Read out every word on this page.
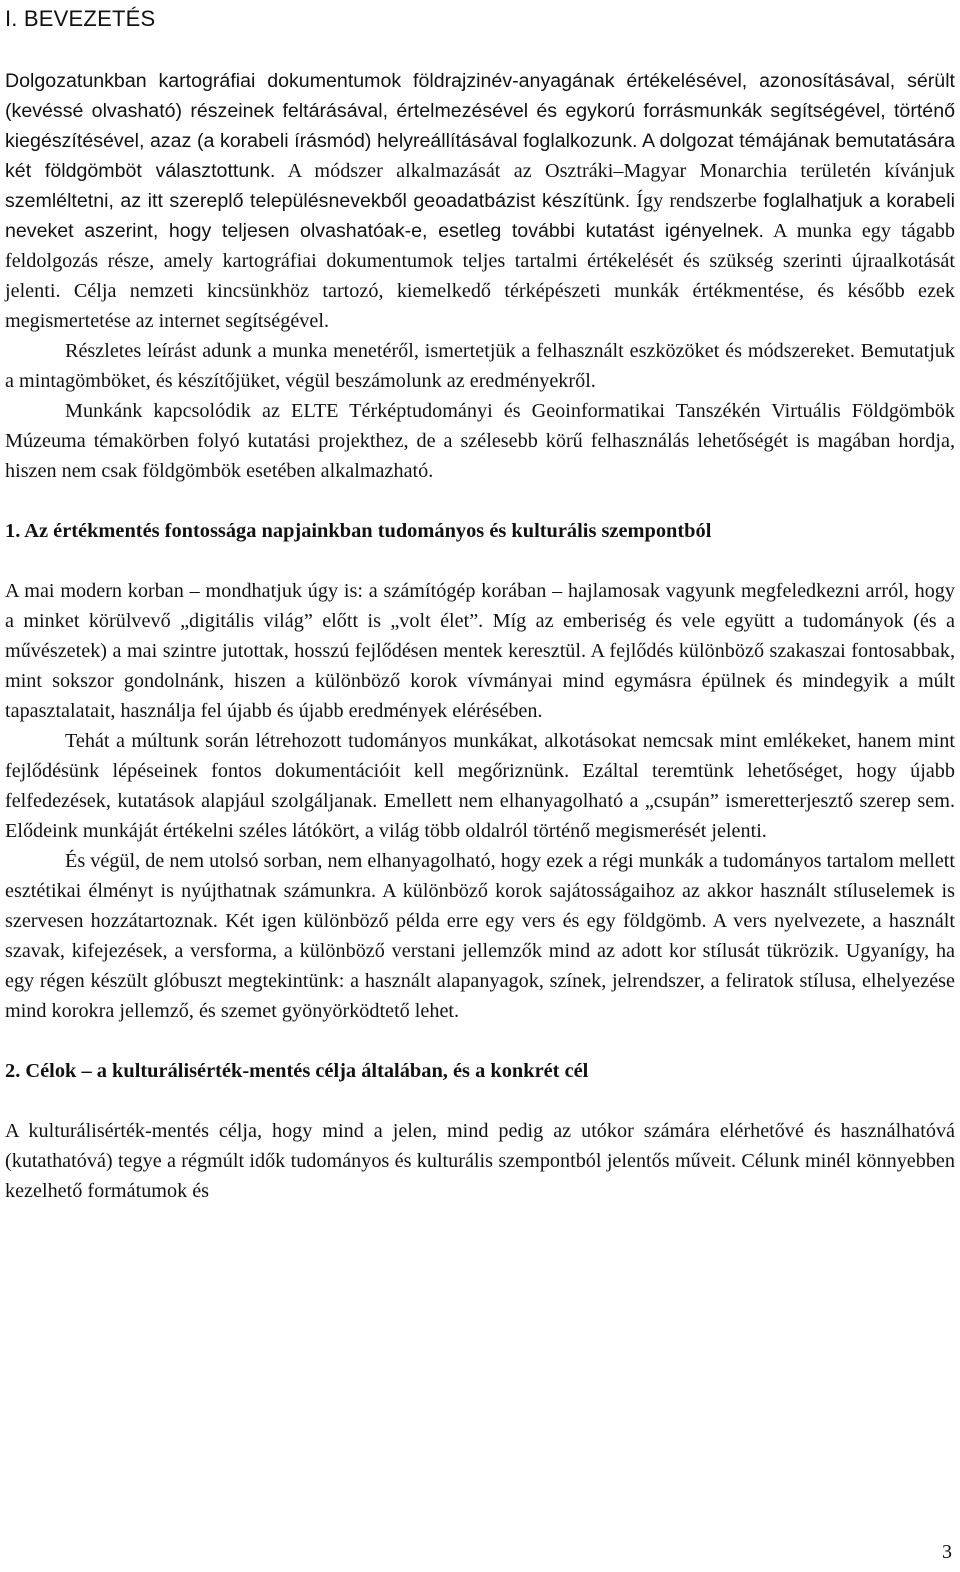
I. BEVEZETÉS

Dolgozatunkban kartográfiai dokumentumok földrajzinév-anyagának értékelésével, azonosításával, sérült (kevéssé olvasható) részeinek feltárásával, értelmezésével és egykorú forrásmunkák segítségével, történő kiegészítésével, azaz (a korabeli írásmód) helyreállításával foglalkozunk. A dolgozat témájának bemutatására két földgömböt választottunk. A módszer alkalmazását az Osztráki–Magyar Monarchia területén kívánjuk szemléltetni, az itt szereplő településnevekből geoadatbázist készítünk. Így rendszerbe foglalhatjuk a korabeli neveket aszerint, hogy teljesen olvashatóak-e, esetleg további kutatást igényelnek. A munka egy tágabb feldolgozás része, amely kartográfiai dokumentumok teljes tartalmi értékelését és szükség szerinti újraalkotását jelenti. Célja nemzeti kincsünkhöz tartozó, kiemelkedő térképészeti munkák értékmentése, és később ezek megismertetése az internet segítségével.

Részletes leírást adunk a munka menetéről, ismertetjük a felhasznált eszközöket és módszereket. Bemutatjuk a mintagömböket, és készítőjüket, végül beszámolunk az eredményekről.

Munkánk kapcsolódik az ELTE Térképtudományi és Geoinformatikai Tanszékén Virtuális Földgömbök Múzeuma témakörben folyó kutatási projekthez, de a szélesebb körű felhasználás lehetőségét is magában hordja, hiszen nem csak földgömbök esetében alkalmazható.

1. Az értékmentés fontossága napjainkban tudományos és kulturális szempontból

A mai modern korban – mondhatjuk úgy is: a számítógép korában – hajlamosak vagyunk megfeledkezni arról, hogy a minket körülvevő „digitális világ” előtt is „volt élet”. Míg az emberiség és vele együtt a tudományok (és a művészetek) a mai szintre jutottak, hosszú fejlődésen mentek keresztül. A fejlődés különböző szakaszai fontosabbak, mint sokszor gondolnánk, hiszen a különböző korok vívmányai mind egymásra épülnek és mindegyik a múlt tapasztalatait, használja fel újabb és újabb eredmények elérésében.

Tehát a múltunk során létrehozott tudományos munkákat, alkotásokat nemcsak mint emlékeket, hanem mint fejlődésünk lépéseinek fontos dokumentációit kell megőriznünk. Ezáltal teremtünk lehetőséget, hogy újabb felfedezések, kutatások alapjául szolgáljanak. Emellett nem elhanyagolható a „csupán” ismeretterjesztő szerep sem. Elődeink munkáját értékelni széles látókört, a világ több oldalról történő megismerését jelenti.

És végül, de nem utolsó sorban, nem elhanyagolható, hogy ezek a régi munkák a tudományos tartalom mellett esztétikai élményt is nyújthatnak számunkra. A különböző korok sajátosságaihoz az akkor használt stíluselemek is szervesen hozzátartoznak. Két igen különböző példa erre egy vers és egy földgömb. A vers nyelvezete, a használt szavak, kifejezések, a versforma, a különböző verstani jellemzők mind az adott kor stílusát tükrözik. Ugyanígy, ha egy régen készült glóbuszt megtekintünk: a használt alapanyagok, színek, jelrendszer, a feliratok stílusa, elhelyezése mind korokra jellemző, és szemet gyönyörködtető lehet.

2. Célok – a kulturálisérték-mentés célja általában, és a konkrét cél

A kulturálisérték-mentés célja, hogy mind a jelen, mind pedig az utókor számára elérhetővé és használhatóvá (kutathatóvá) tegye a régmúlt idők tudományos és kulturális szempontból jelentős műveit. Célunk minél könnyebben kezelhető formátumok és

3
